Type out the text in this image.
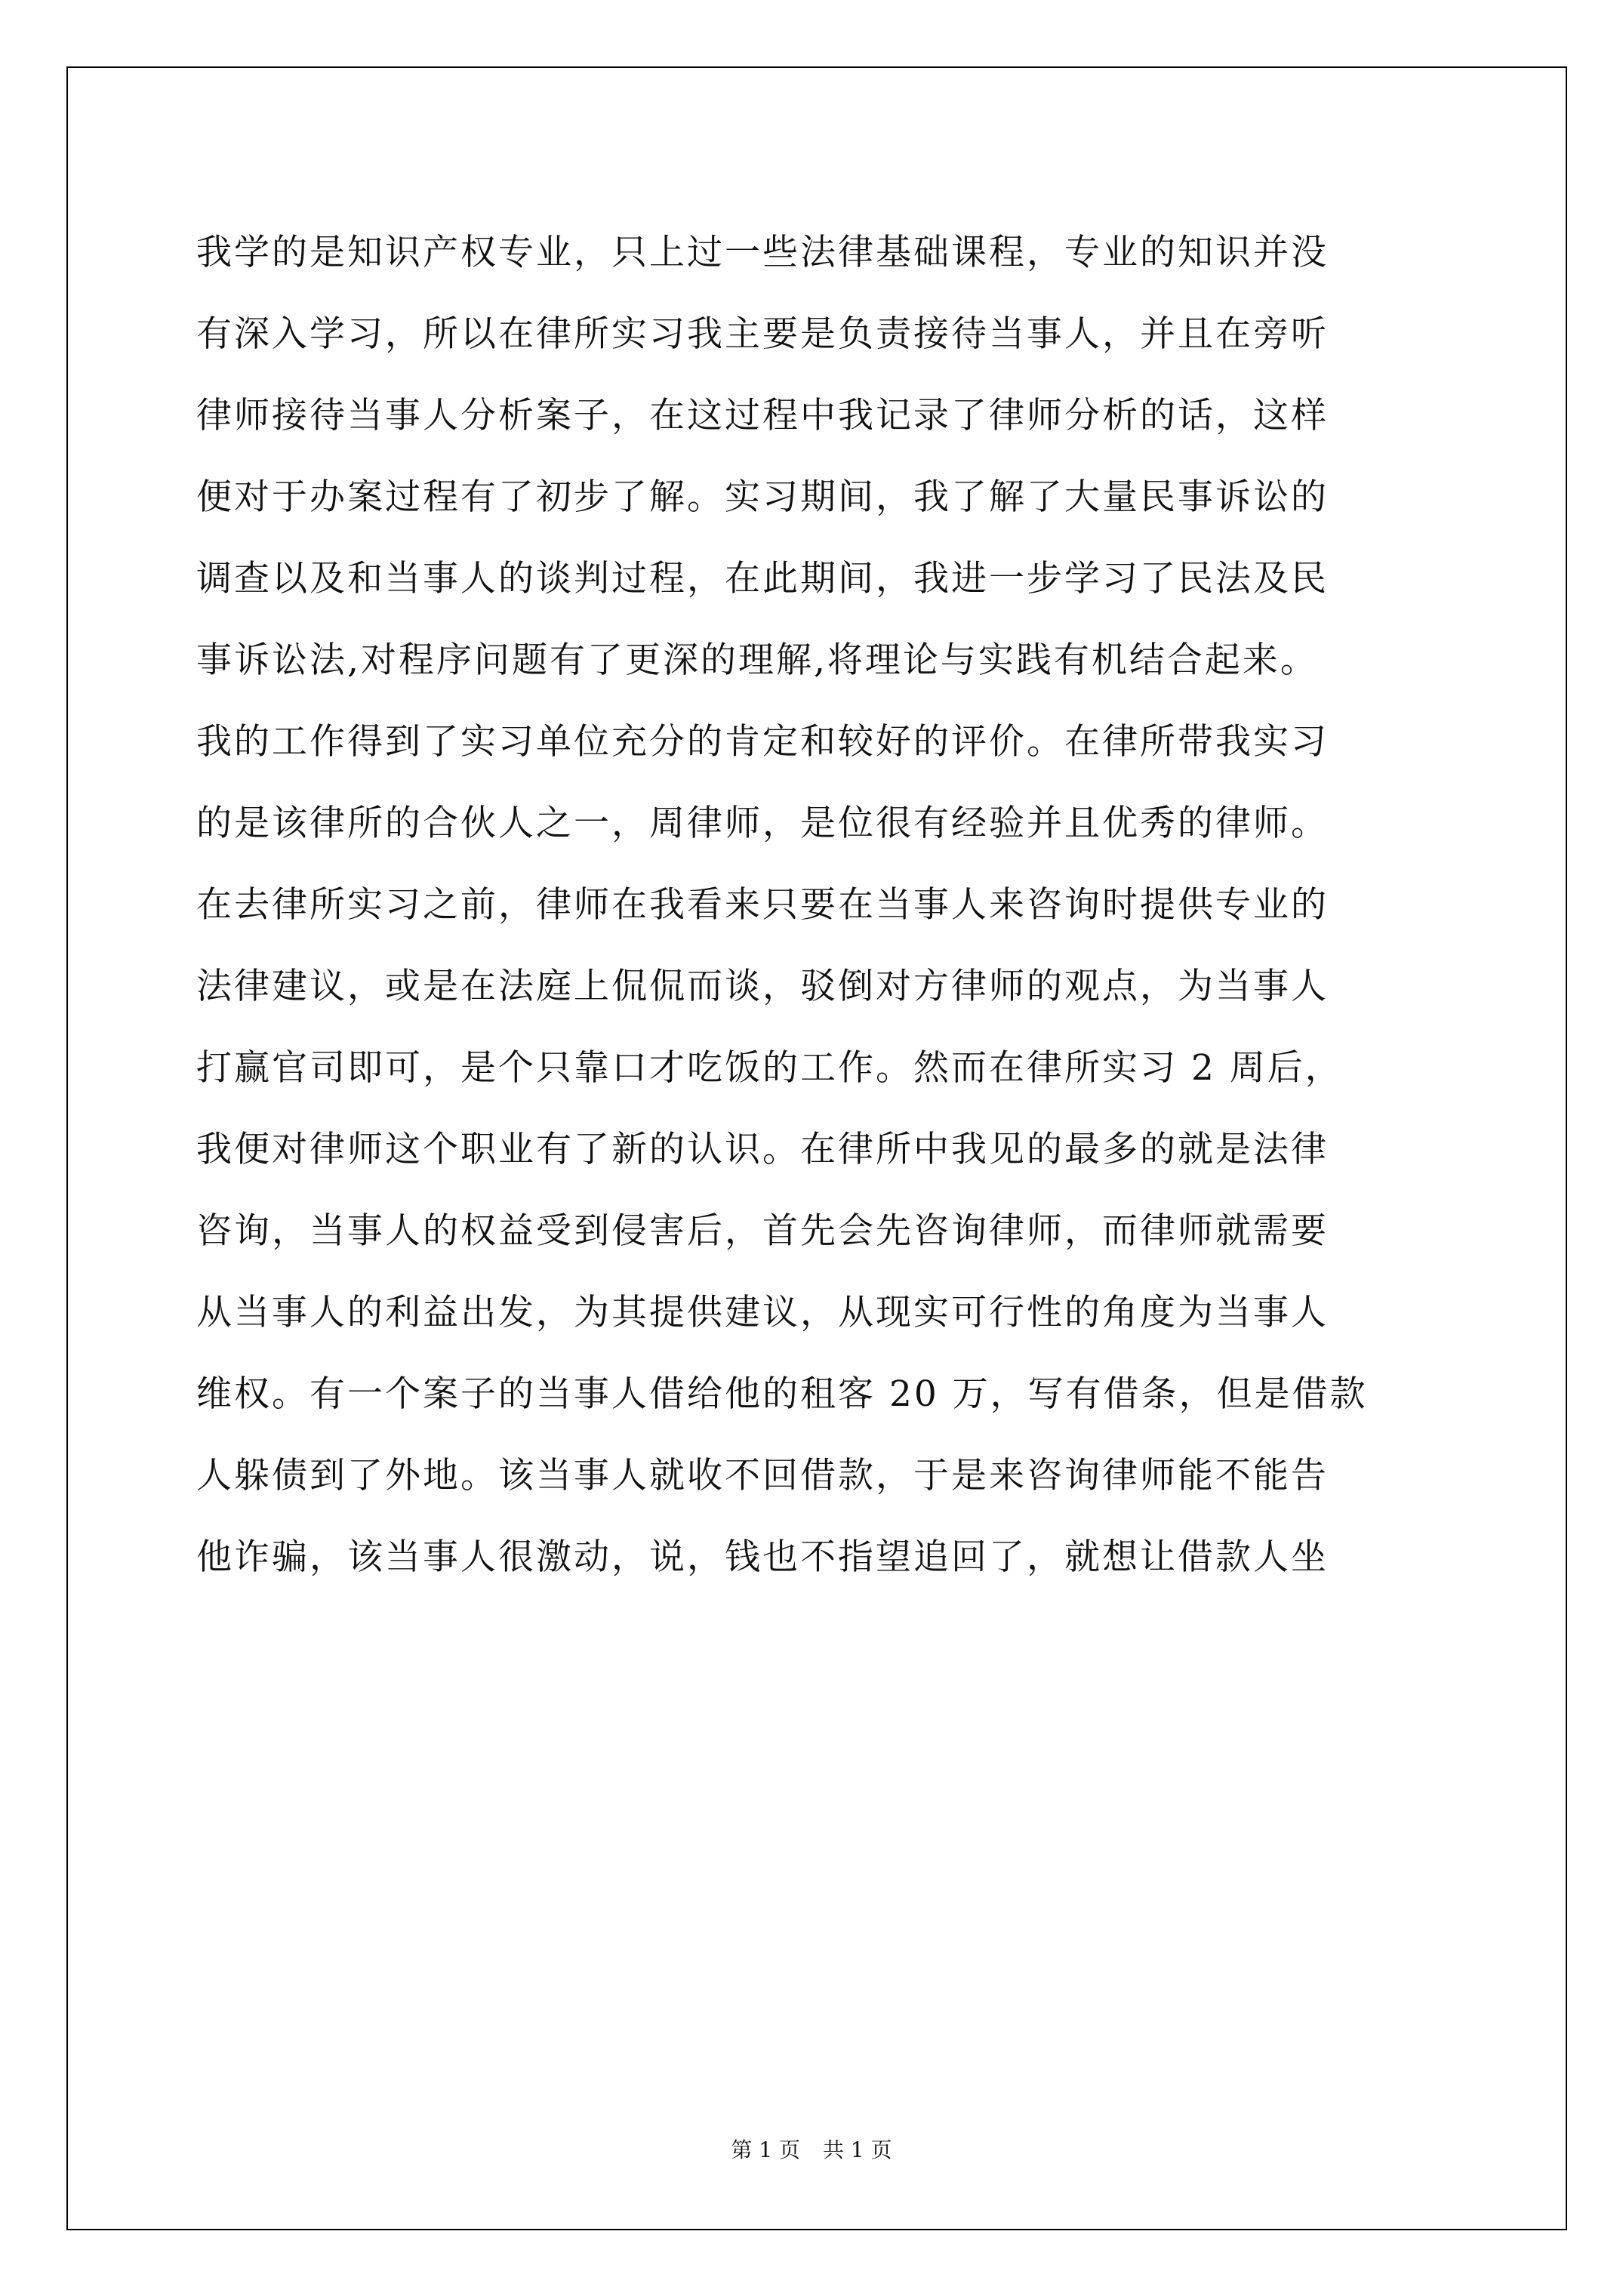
我学的是知识产权专业，只上过一些法律基础课程，专业的知识并没
有深入学习，所以在律所实习我主要是负责接待当事人，并且在旁听
律师接待当事人分析案子，在这过程中我记录了律师分析的话，这样
便对于办案过程有了初步了解。实习期间，我了解了大量民事诉讼的
调查以及和当事人的谈判过程，在此期间，我进一步学习了民法及民
事诉讼法,对程序问题有了更深的理解,将理论与实践有机结合起来。
我的工作得到了实习单位充分的肯定和较好的评价。在律所带我实习
的是该律所的合伙人之一，周律师，是位很有经验并且优秀的律师。
在去律所实习之前，律师在我看来只要在当事人来咨询时提供专业的
法律建议，或是在法庭上侃侃而谈，驳倒对方律师的观点，为当事人
打赢官司即可，是个只靠口才吃饭的工作。然而在律所实习 2 周后，
我便对律师这个职业有了新的认识。在律所中我见的最多的就是法律
咨询，当事人的权益受到侵害后，首先会先咨询律师，而律师就需要
从当事人的利益出发，为其提供建议，从现实可行性的角度为当事人
维权。有一个案子的当事人借给他的租客 20 万，写有借条，但是借款
人躲债到了外地。该当事人就收不回借款，于是来咨询律师能不能告
他诈骗，该当事人很激动，说，钱也不指望追回了，就想让借款人坐
第 1 页 共 1 页
